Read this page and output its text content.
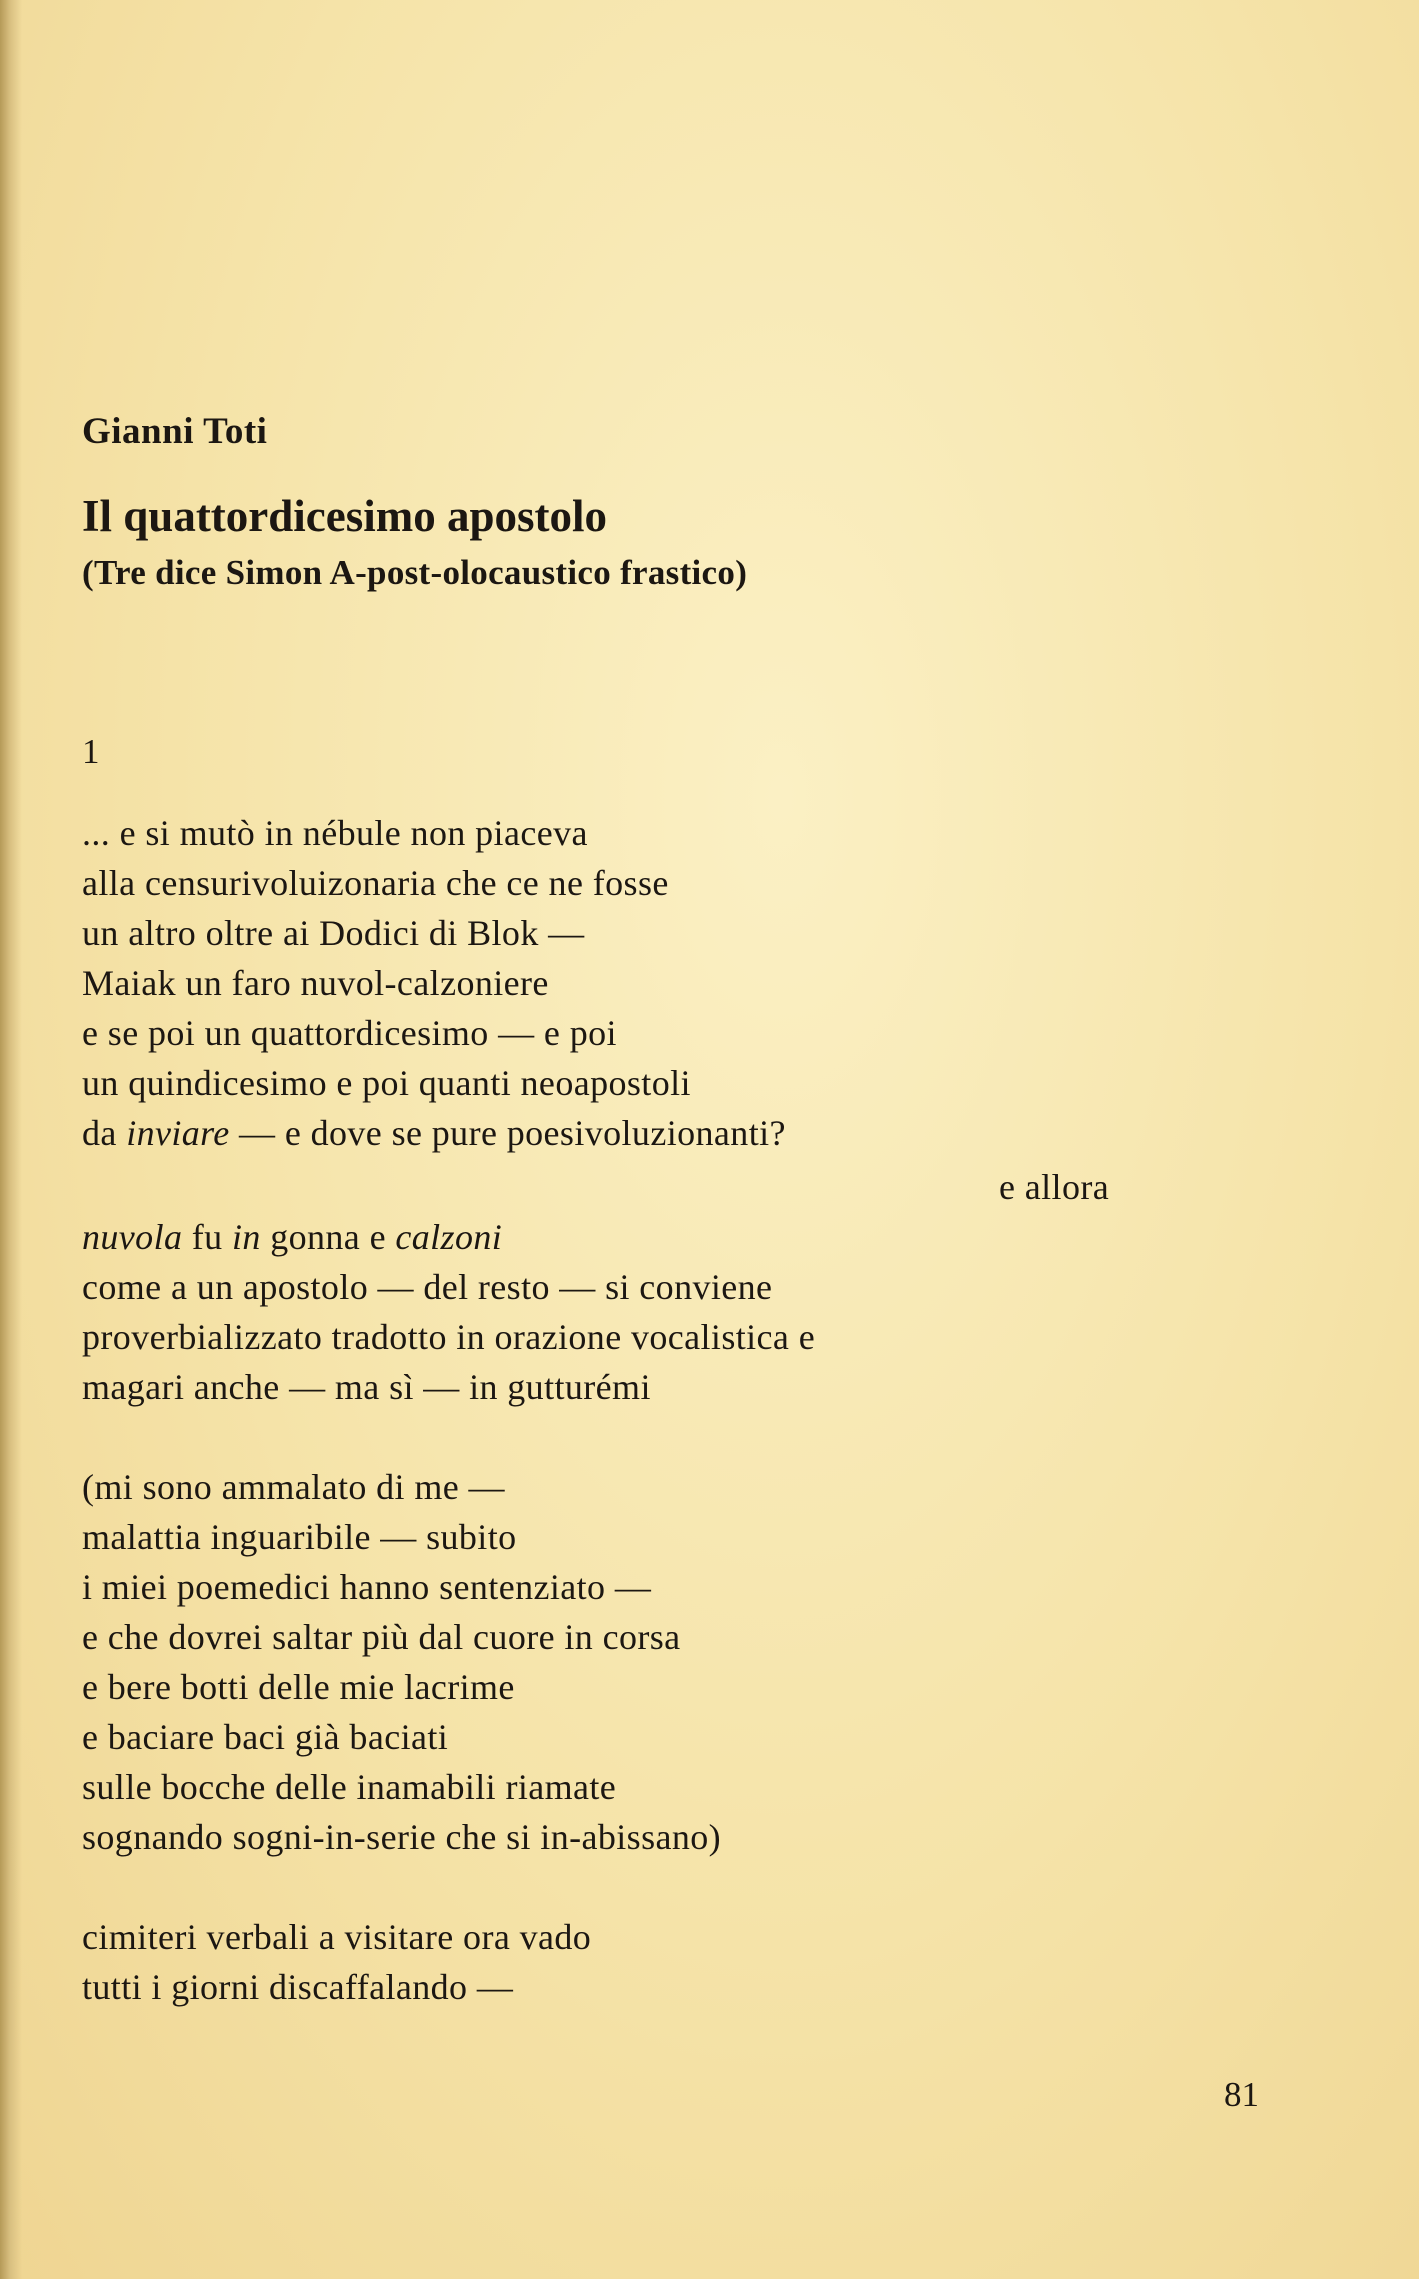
Gianni Toti
Il quattordicesimo apostolo
(Tre dice Simon A-post-olocaustico frastico)
1
... e si mutò in nébule non piaceva
alla censurivoluizonaria che ce ne fosse
un altro oltre ai Dodici di Blok —
Maiak un faro nuvol-calzoniere
e se poi un quattordicesimo — e poi
un quindicesimo e poi quanti neoapostoli
da inviare — e dove se pure poesivoluzionanti?
e allora
nuvola fu in gonna e calzoni
come a un apostolo — del resto — si conviene
proverbializzato tradotto in orazione vocalistica e
magari anche — ma sì — in gutturémi
(mi sono ammalato di me —
malattia inguaribile — subito
i miei poemedici hanno sentenziato —
e che dovrei saltar più dal cuore in corsa
e bere botti delle mie lacrime
e baciare baci già baciati
sulle bocche delle inamabili riamate
sognando sogni-in-serie che si in-abissano)
cimiteri verbali a visitare ora vado
tutti i giorni discaffalando —
81
